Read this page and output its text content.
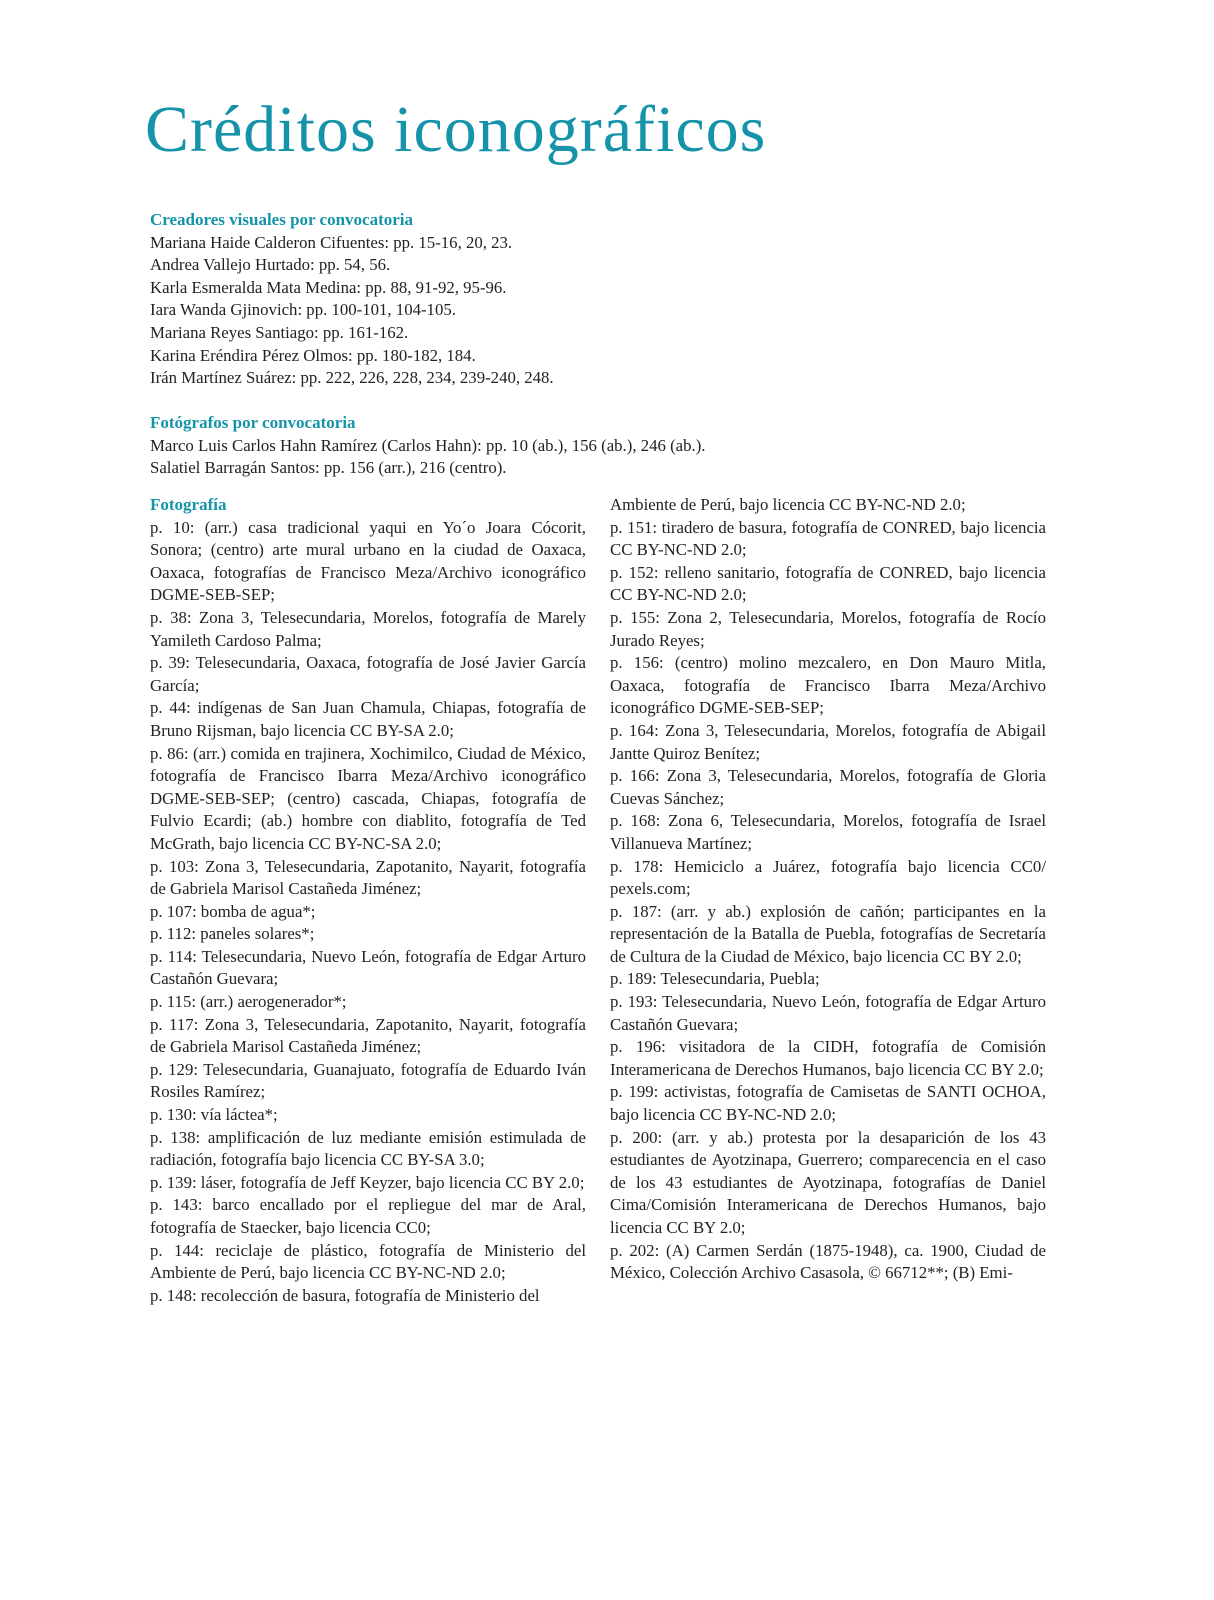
Créditos iconográficos

Creadores visuales por convocatoria

Mariana Haide Calderon Cifuentes: pp. 15-16, 20, 23.
Andrea Vallejo Hurtado: pp. 54, 56.
Karla Esmeralda Mata Medina: pp. 88, 91-92, 95-96.
Iara Wanda Gjinovich: pp. 100-101, 104-105.
Mariana Reyes Santiago: pp. 161-162.
Karina Eréndira Pérez Olmos: pp. 180-182, 184.
Irán Martínez Suárez: pp. 222, 226, 228, 234, 239-240, 248.

Fotógrafos por convocatoria

Marco Luis Carlos Hahn Ramírez (Carlos Hahn): pp. 10 (ab.), 156 (ab.), 246 (ab.).
Salatiel Barragán Santos: pp. 156 (arr.), 216 (centro).

Fotografía

p. 10: (arr.) casa tradicional yaqui en Yo´o Joara Cócorit, Sonora; (centro) arte mural urbano en la ciudad de Oaxaca, Oaxaca, fotografías de Francisco Meza/Archivo iconográfico DGME-SEB-SEP;

p. 38: Zona 3, Telesecundaria, Morelos, fotografía de Marely Yamileth Cardoso Palma;

p. 39: Telesecundaria, Oaxaca, fotografía de José Javier García García;

p. 44: indígenas de San Juan Chamula, Chiapas, fotografía de Bruno Rijsman, bajo licencia CC BY-SA 2.0;

p. 86: (arr.) comida en trajinera, Xochimilco, Ciudad de México, fotografía de Francisco Ibarra Meza/Archivo iconográfico DGME-SEB-SEP; (centro) cascada, Chiapas, fotografía de Fulvio Ecardi; (ab.) hombre con diablito, fotografía de Ted McGrath, bajo licencia CC BY-NC-SA 2.0;

p. 103: Zona 3, Telesecundaria, Zapotanito, Nayarit, fotografía de Gabriela Marisol Castañeda Jiménez;

p. 107: bomba de agua*;

p. 112: paneles solares*;

p. 114: Telesecundaria, Nuevo León, fotografía de Edgar Arturo Castañón Guevara;

p. 115: (arr.) aerogenerador*;

p. 117: Zona 3, Telesecundaria, Zapotanito, Nayarit, fotografía de Gabriela Marisol Castañeda Jiménez;

p. 129: Telesecundaria, Guanajuato, fotografía de Eduardo Iván Rosiles Ramírez;

p. 130: vía láctea*;

p. 138: amplificación de luz mediante emisión estimulada de radiación, fotografía bajo licencia CC BY-SA 3.0;

p. 139: láser, fotografía de Jeff Keyzer, bajo licencia CC BY 2.0;

p. 143: barco encallado por el repliegue del mar de Aral, fotografía de Staecker, bajo licencia CC0;

p. 144: reciclaje de plástico, fotografía de Ministerio del Ambiente de Perú, bajo licencia CC BY-NC-ND 2.0;

p. 148: recolección de basura, fotografía de Ministerio del

Ambiente de Perú, bajo licencia CC BY-NC-ND 2.0;

p. 151: tiradero de basura, fotografía de CONRED, bajo licencia CC BY-NC-ND 2.0;

p. 152: relleno sanitario, fotografía de CONRED, bajo licencia CC BY-NC-ND 2.0;

p. 155: Zona 2, Telesecundaria, Morelos, fotografía de Rocío Jurado Reyes;

p. 156: (centro) molino mezcalero, en Don Mauro Mitla, Oaxaca, fotografía de Francisco Ibarra Meza/Archivo iconográfico DGME-SEB-SEP;

p. 164: Zona 3, Telesecundaria, Morelos, fotografía de Abigail Jantte Quiroz Benítez;

p. 166: Zona 3, Telesecundaria, Morelos, fotografía de Gloria Cuevas Sánchez;

p. 168: Zona 6, Telesecundaria, Morelos, fotografía de Israel Villanueva Martínez;

p. 178: Hemiciclo a Juárez, fotografía bajo licencia CC0/ pexels.com;

p. 187: (arr. y ab.) explosión de cañón; participantes en la representación de la Batalla de Puebla, fotografías de Secretaría de Cultura de la Ciudad de México, bajo licencia CC BY 2.0;

p. 189: Telesecundaria, Puebla;

p. 193: Telesecundaria, Nuevo León, fotografía de Edgar Arturo Castañón Guevara;

p. 196: visitadora de la CIDH, fotografía de Comisión Interamericana de Derechos Humanos, bajo licencia CC BY 2.0;

p. 199: activistas, fotografía de Camisetas de SANTI OCHOA, bajo licencia CC BY-NC-ND 2.0;

p. 200: (arr. y ab.) protesta por la desaparición de los 43 estudiantes de Ayotzinapa, Guerrero; comparecencia en el caso de los 43 estudiantes de Ayotzinapa, fotografías de Daniel Cima/Comisión Interamericana de Derechos Humanos, bajo licencia CC BY 2.0;

p. 202: (A) Carmen Serdán (1875-1948), ca. 1900, Ciudad de México, Colección Archivo Casasola, © 66712**; (B) Emi-
